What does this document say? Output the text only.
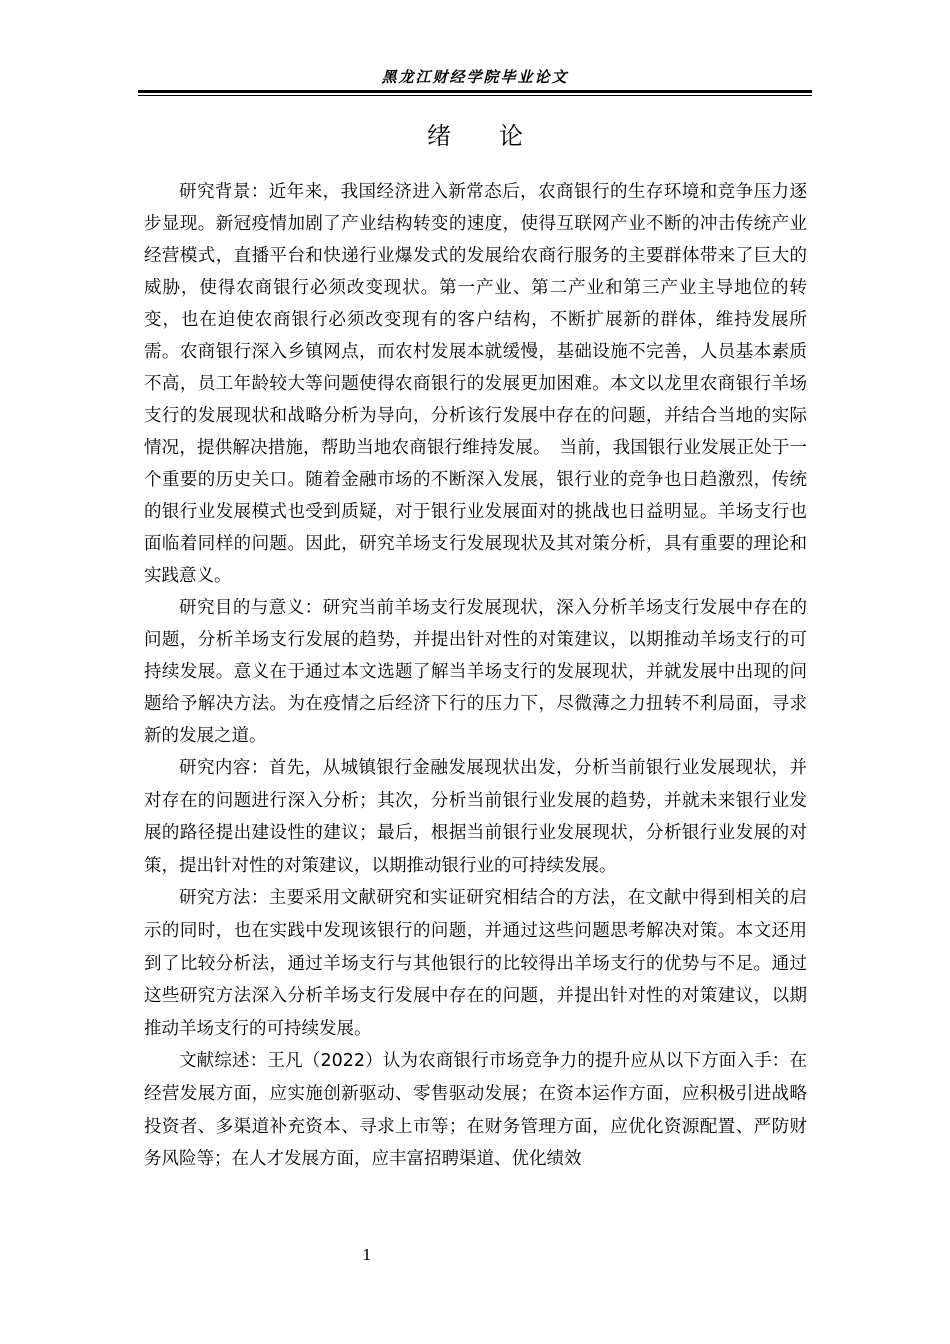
黑龙江财经学院毕业论文
绪论

研究背景：近年来，我国经济进入新常态后，农商银行的生存环境和竞争压力逐步显现。新冠疫情加剧了产业结构转变的速度，使得互联网产业不断的冲击传统产业经营模式，直播平台和快递行业爆发式的发展给农商行服务的主要群体带来了巨大的威胁，使得农商银行必须改变现状。第一产业、第二产业和第三产业主导地位的转变，也在迫使农商银行必须改变现有的客户结构，不断扩展新的群体，维持发展所需。农商银行深入乡镇网点，而农村发展本就缓慢，基础设施不完善，人员基本素质不高，员工年龄较大等问题使得农商银行的发展更加困难。本文以龙里农商银行羊场支行的发展现状和战略分析为导向，分析该行发展中存在的问题，并结合当地的实际情况，提供解决措施，帮助当地农商银行维持发展。　当前，我国银行业发展正处于一个重要的历史关口。随着金融市场的不断深入发展，银行业的竞争也日趋激烈，传统的银行业发展模式也受到质疑，对于银行业发展面对的挑战也日益明显。羊场支行也面临着同样的问题。因此，研究羊场支行发展现状及其对策分析，具有重要的理论和实践意义。

研究目的与意义：研究当前羊场支行发展现状，深入分析羊场支行发展中存在的问题，分析羊场支行发展的趋势，并提出针对性的对策建议，以期推动羊场支行的可持续发展。意义在于通过本文选题了解当羊场支行的发展现状，并就发展中出现的问题给予解决方法。为在疫情之后经济下行的压力下，尽微薄之力扭转不利局面，寻求新的发展之道。

研究内容：首先，从城镇银行金融发展现状出发，分析当前银行业发展现状，并对存在的问题进行深入分析；其次，分析当前银行业发展的趋势，并就未来银行业发展的路径提出建设性的建议；最后，根据当前银行业发展现状，分析银行业发展的对策，提出针对性的对策建议，以期推动银行业的可持续发展。

研究方法：主要采用文献研究和实证研究相结合的方法，在文献中得到相关的启示的同时，也在实践中发现该银行的问题，并通过这些问题思考解决对策。本文还用到了比较分析法，通过羊场支行与其他银行的比较得出羊场支行的优势与不足。通过这些研究方法深入分析羊场支行发展中存在的问题，并提出针对性的对策建议，以期推动羊场支行的可持续发展。

文献综述：王凡（2022）认为农商银行市场竞争力的提升应从以下方面入手：在经营发展方面，应实施创新驱动、零售驱动发展；在资本运作方面，应积极引进战略投资者、多渠道补充资本、寻求上市等；在财务管理方面，应优化资源配置、严防财务风险等；在人才发展方面，应丰富招聘渠道、优化绩效

1
